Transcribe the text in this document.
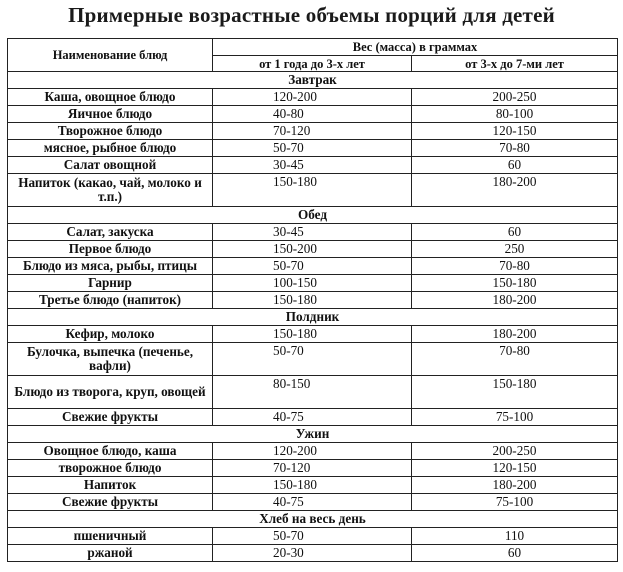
Примерные возрастные объемы порций для детей
Наименование блюд	Вес (масса) в граммах	
	от 1 года до 3-х лет	от 3-х до 7-ми лет
Завтрак		
Каша, овощное блюдо	120-200	200-250
Яичное блюдо	40-80	80-100
Творожное блюдо	70-120	120-150
мясное, рыбное блюдо	50-70	70-80
Салат овощной	30-45	60
Напиток (какао, чай, молоко и т.п.)	150-180	180-200
Обед		
Салат, закуска	30-45	60
Первое блюдо	150-200	250
Блюдо из мяса, рыбы, птицы	50-70	70-80
Гарнир	100-150	150-180
Третье блюдо (напиток)	150-180	180-200
Полдник		
Кефир, молоко	150-180	180-200
Булочка, выпечка (печенье, вафли)	50-70	70-80
Блюдо из творога, круп, овощей	80-150	150-180
Свежие фрукты	40-75	75-100
Ужин		
Овощное блюдо, каша	120-200	200-250
творожное блюдо	70-120	120-150
Напиток	150-180	180-200
Свежие фрукты	40-75	75-100
Хлеб на весь день		
пшеничный	50-70	110
ржаной	20-30	60
